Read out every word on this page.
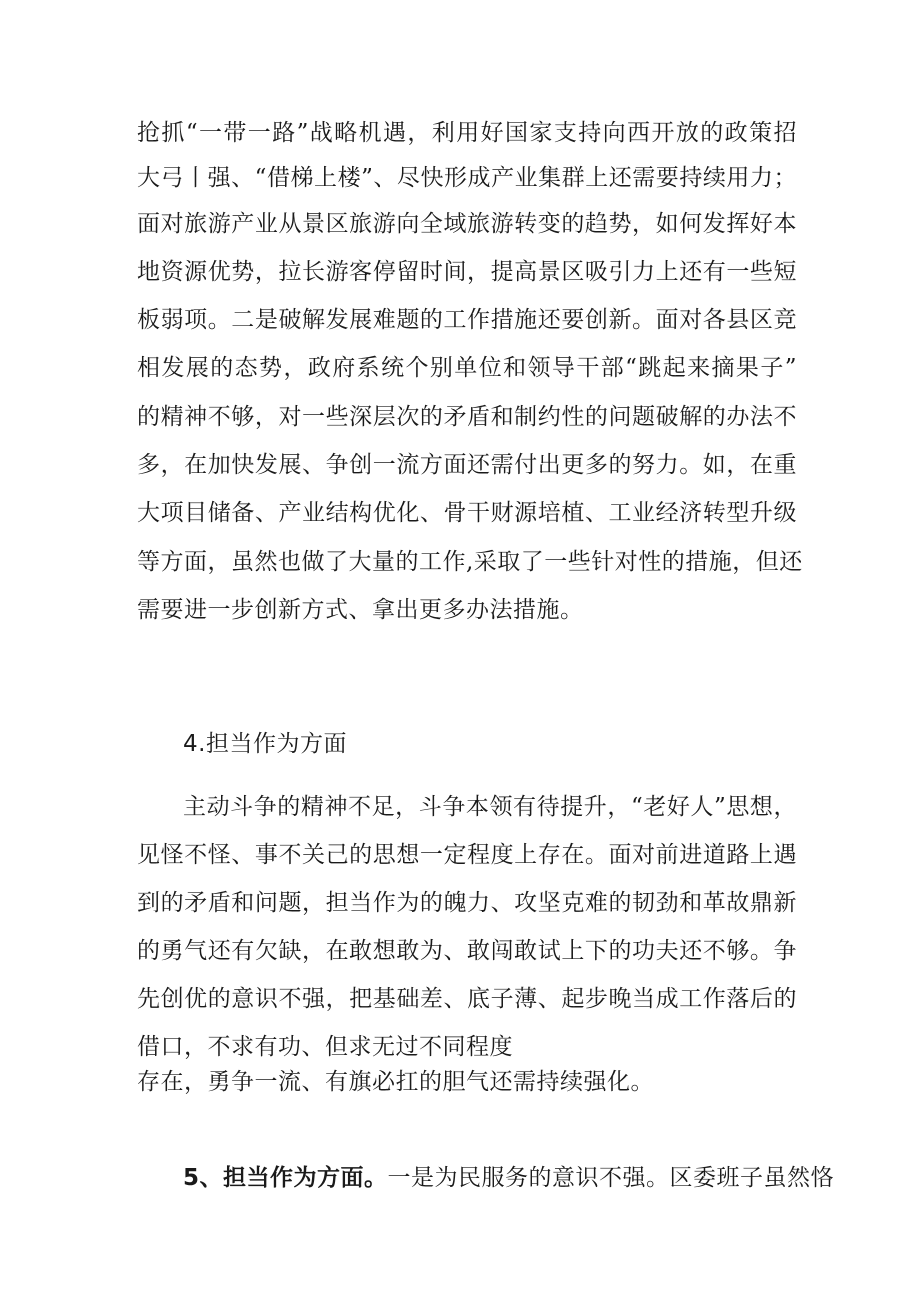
抢抓“一带一路”战略机遇，利用好国家支持向西开放的政策招
大弓丨强、“借梯上楼”、尽快形成产业集群上还需要持续用力；
面对旅游产业从景区旅游向全域旅游转变的趋势，如何发挥好本
地资源优势，拉长游客停留时间，提高景区吸引力上还有一些短
板弱项。二是破解发展难题的工作措施还要创新。面对各县区竞
相发展的态势，政府系统个别单位和领导干部“跳起来摘果子”
的精神不够，对一些深层次的矛盾和制约性的问题破解的办法不
多，在加快发展、争创一流方面还需付出更多的努力。如，在重
大项目储备、产业结构优化、骨干财源培植、工业经济转型升级
等方面，虽然也做了大量的工作,采取了一些针对性的措施，但还
需要进一步创新方式、拿出更多办法措施。
4.担当作为方面
主动斗争的精神不足，斗争本领有待提升，“老好人”思想，
见怪不怪、事不关己的思想一定程度上存在。面对前进道路上遇
到的矛盾和问题，担当作为的魄力、攻坚克难的韧劲和革故鼎新
的勇气还有欠缺，在敢想敢为、敢闯敢试上下的功夫还不够。争
先创优的意识不强，把基础差、底子薄、起步晚当成工作落后的
借口，不求有功、但求无过不同程度
存在，勇争一流、有旗必扛的胆气还需持续强化。
5、担当作为方面。一是为民服务的意识不强。区委班子虽然恪
